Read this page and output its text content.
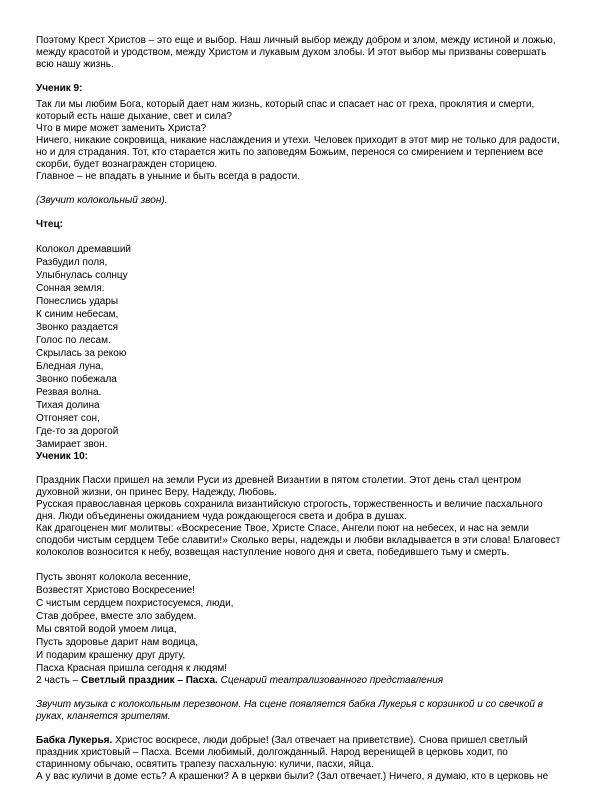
Поэтому Крест Христов – это еще и выбор. Наш личный выбор между добром и злом, между истиной и ложью, между красотой и уродством, между Христом и лукавым духом злобы. И этот выбор мы призваны совершать всю нашу жизнь.

Ученик 9:

Так ли мы любим Бога, который дает нам жизнь, который спас и спасает нас от греха, проклятия и смерти, который есть наше дыхание, свет и сила?

Что в мире может заменить Христа?

Ничего, никакие сокровища, никакие наслаждения и утехи. Человек приходит в этот мир не только для радости, но и для страдания. Тот, кто старается жить по заповедям Божьим, перенося со смирением и терпением все скорби, будет вознагражден сторицею.

Главное – не впадать в уныние и быть всегда в радости.

(Звучит колокольный звон).

Чтец:

Колокол дремавший

Разбудил поля,

Улыбнулась солнцу

Сонная земля.

Понеслись удары

К синим небесам,

Звонко раздается

Голос по лесам.

Скрылась за рекою

Бледная луна,

Звонко побежала

Резвая волна.

Тихая долина

Отгоняет сон,

Где-то за дорогой

Замирает звон.

Ученик 10:

Праздник Пасхи пришел на земли Руси из древней Византии в пятом столетии. Этот день стал центром духовной жизни, он принес Веру, Надежду, Любовь.

Русская православная церковь сохранила византийскую строгость, торжественность и величие пасхального дня. Люди объединены ожиданием чуда рождающегося света и добра в душах.

Как драгоценен миг молитвы: «Воскресение Твое, Христе Спасе, Ангели поют на небесех, и нас на земли сподоби чистым сердцем Тебе славити!» Сколько веры, надежды и любви вкладывается в эти слова! Благовест колоколов возносится к небу, возвещая наступление нового дня и света, победившего тьму и смерть.

Пусть звонят колокола весенние,

Возвестят Христово Воскресение!

С чистым сердцем похристосуемся, люди,

Став добрее, вместе зло забудем.

Мы святой водой умоем лица,

Пусть здоровье дарит нам водица,

И подарим крашенку друг другу,

Пасха Красная пришла сегодня к людям!

2 часть – Светлый праздник – Пасха. Сценарий театрализованного представления

Звучит музыка с колокольным перезвоном. На сцене появляется бабка Лукерья с корзинкой и со свечкой в руках, кланяется зрителям.

Бабка Лукерья. Христос воскресе, люди добрые! (Зал отвечает на приветствие). Снова пришел светлый праздник христовый – Пасха. Всеми любимый, долгожданный. Народ веренищей в церковь ходит, по старинному обычаю, освятить трапезу пасхальную: куличи, пасхи, яйца.

А у вас куличи в доме есть? А крашенки? А в церкви были? (Зал отвечает.) Ничего, я думаю, кто в церковь не
